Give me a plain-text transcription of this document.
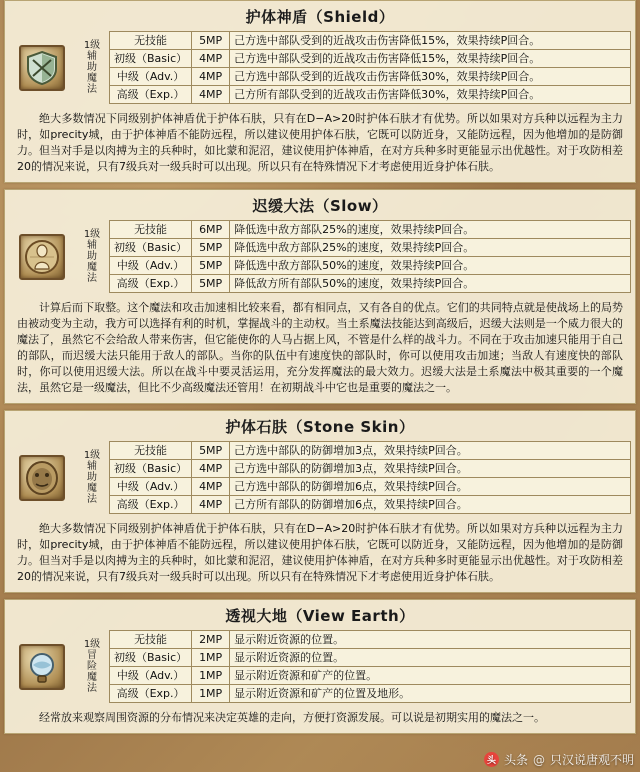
护体神盾（Shield）
1级
辅
助
魔
法
无技能	5MP	己方选中部队受到的近战攻击伤害降低15%，效果持续P回合。
初级（Basic）	4MP	己方选中部队受到的近战攻击伤害降低15%，效果持续P回合。
中级（Adv.）	4MP	己方选中部队受到的近战攻击伤害降低30%，效果持续P回合。
高级（Exp.）	4MP	己方所有部队受到的近战攻击伤害降低30%，效果持续P回合。
绝大多数情况下同级别护体神盾优于护体石肤，只有在D−A>20时护体石肤才有优势。所以如果对方兵种以远程为主力时，如precity城，由于护体神盾不能防远程，所以建议使用护体石肤，它既可以防近身，又能防远程，因为他增加的是防御力。但当对手是以肉搏为主的兵种时，如比蒙和泥沼，建议使用护体神盾，在对方兵种多时更能显示出优越性。对于攻防相差20的情况来说，只有7级兵对一级兵时可以出现。所以只有在特殊情况下才考虑使用近身护体石肤。
迟缓大法（Slow）
1级
辅
助
魔
法
无技能	6MP	降低选中敌方部队25%的速度，效果持续P回合。
初级（Basic）	5MP	降低选中敌方部队25%的速度，效果持续P回合。
中级（Adv.）	5MP	降低选中敌方部队50%的速度，效果持续P回合。
高级（Exp.）	5MP	降低敌方所有部队50%的速度，效果持续P回合。
计算后而下取整。这个魔法和攻击加速相比较来看，都有相同点，又有各自的优点。它们的共同特点就是使战场上的局势由被动变为主动，我方可以选择有利的时机，掌握战斗的主动权。当土系魔法技能达到高级后，迟缓大法则是一个威力很大的魔法了，虽然它不会给敌人带来伤害，但它能使你的人马占据上风，不管是什么样的战斗力。不同在于攻击加速只能用于自己的部队，而迟缓大法只能用于敌人的部队。当你的队伍中有速度快的部队时，你可以使用攻击加速；当敌人有速度快的部队时，你可以使用迟缓大法。所以在战斗中要灵活运用，充分发挥魔法的最大效力。迟缓大法是土系魔法中极其重要的一个魔法，虽然它是一级魔法，但比不少高级魔法还管用！在初期战斗中它也是重要的魔法之一。
护体石肤（Stone Skin）
1级
辅
助
魔
法
无技能	5MP	己方选中部队的防御增加3点，效果持续P回合。
初级（Basic）	4MP	己方选中部队的防御增加3点，效果持续P回合。
中级（Adv.）	4MP	己方选中部队的防御增加6点，效果持续P回合。
高级（Exp.）	4MP	己方所有部队的防御增加6点，效果持续P回合。
绝大多数情况下同级别护体神盾优于护体石肤，只有在D−A>20时护体石肤才有优势。所以如果对方兵种以远程为主力时，如precity城，由于护体神盾不能防远程，所以建议使用护体石肤，它既可以防近身，又能防远程，因为他增加的是防御力。但当对手是以肉搏为主的兵种时，如比蒙和泥沼，建议使用护体神盾，在对方兵种多时更能显示出优越性。对于攻防相差20的情况来说，只有7级兵对一级兵时可以出现。所以只有在特殊情况下才考虑使用近身护体石肤。
透视大地（View Earth）
1级
冒
险
魔
法
无技能	2MP	显示附近资源的位置。
初级（Basic）	1MP	显示附近资源的位置。
中级（Adv.）	1MP	显示附近资源和矿产的位置。
高级（Exp.）	1MP	显示附近资源和矿产的位置及地形。
经常放来观察周围资源的分布情况来决定英雄的走向，方便打资源发展。可以说是初期实用的魔法之一。
头 头条 @ 只汉说唐观不明
